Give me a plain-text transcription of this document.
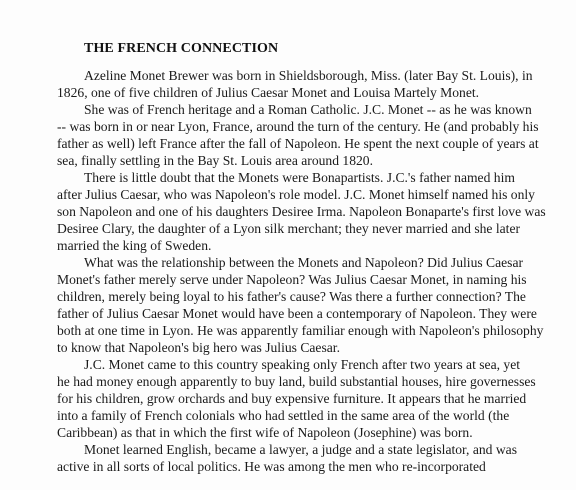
THE FRENCH CONNECTION
Azeline Monet Brewer was born in Shieldsborough, Miss. (later Bay St. Louis), in
1826, one of five children of Julius Caesar Monet and Louisa Martely Monet.
She was of French heritage and a Roman Catholic. J.C. Monet -- as he was known
-- was born in or near Lyon, France, around the turn of the century. He (and probably his
father as well) left France after the fall of Napoleon. He spent the next couple of years at
sea, finally settling in the Bay St. Louis area around 1820.
There is little doubt that the Monets were Bonapartists. J.C.'s father named him
after Julius Caesar, who was Napoleon's role model. J.C. Monet himself named his only
son Napoleon and one of his daughters Desiree Irma. Napoleon Bonaparte's first love was
Desiree Clary, the daughter of a Lyon silk merchant; they never married and she later
married the king of Sweden.
What was the relationship between the Monets and Napoleon? Did Julius Caesar
Monet's father merely serve under Napoleon? Was Julius Caesar Monet, in naming his
children, merely being loyal to his father's cause? Was there a further connection? The
father of Julius Caesar Monet would have been a contemporary of Napoleon. They were
both at one time in Lyon. He was apparently familiar enough with Napoleon's philosophy
to know that Napoleon's big hero was Julius Caesar.
J.C. Monet came to this country speaking only French after two years at sea, yet
he had money enough apparently to buy land, build substantial houses, hire governesses
for his children, grow orchards and buy expensive furniture. It appears that he married
into a family of French colonials who had settled in the same area of the world (the
Caribbean) as that in which the first wife of Napoleon (Josephine) was born.
Monet learned English, became a lawyer, a judge and a state legislator, and was
active in all sorts of local politics. He was among the men who re-incorporated
